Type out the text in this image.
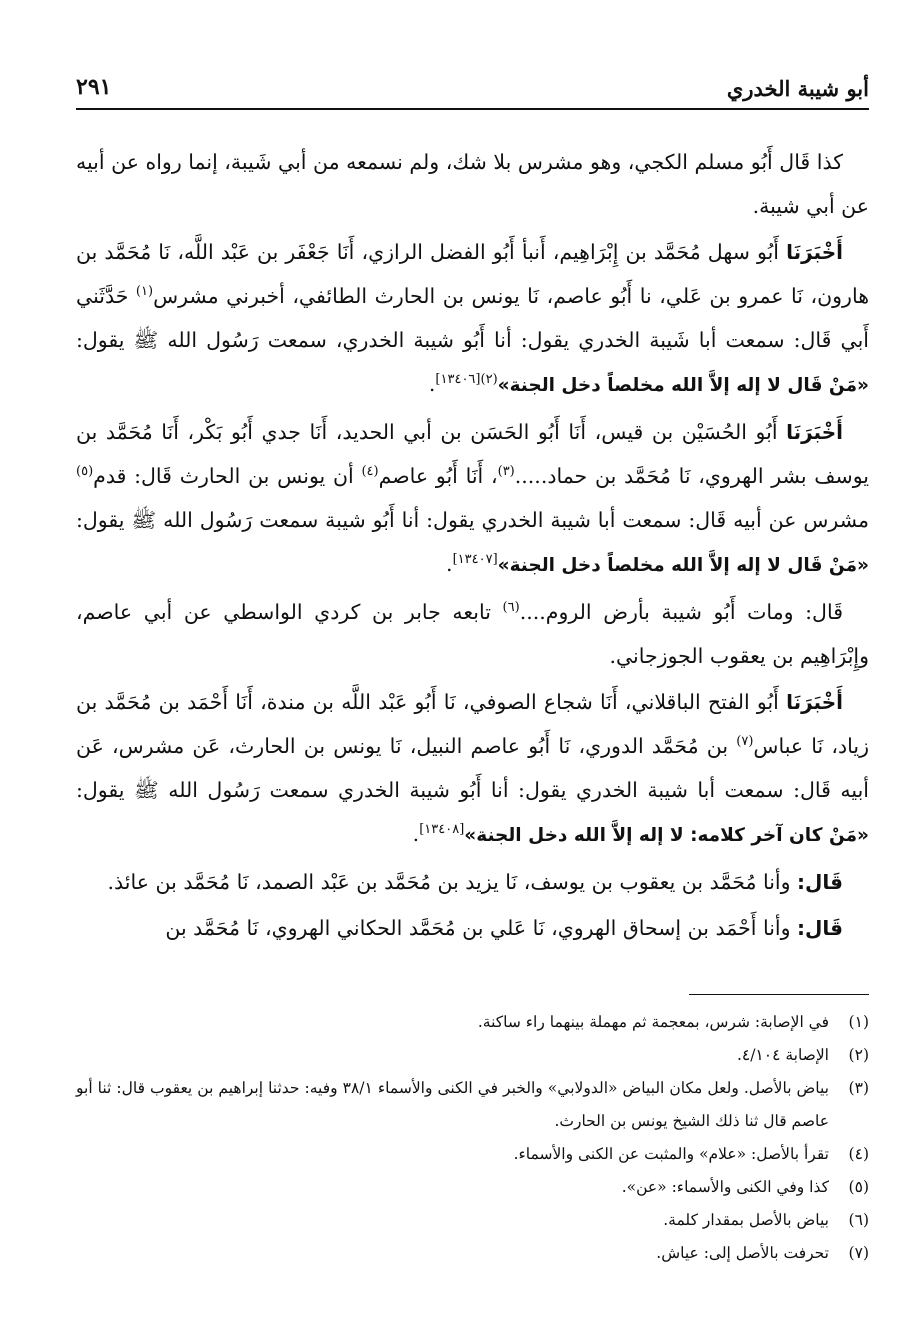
أبو شيبة الخدري
٢٩١

كذا قَال أَبُو مسلم الكجي، وهو مشرس بلا شك، ولم نسمعه من أبي شَيبة، إنما رواه عن أبيه عن أبي شيبة.

أَخْبَرَنَا أَبُو سهل مُحَمَّد بن إِبْرَاهِيم، أَنبأ أَبُو الفضل الرازي، أَنَا جَعْفَر بن عَبْد اللَّه، نَا مُحَمَّد بن هارون، نَا عمرو بن عَلي، نا أَبُو عاصم، نَا يونس بن الحارث الطائفي، أخبرني مشرس$^{(١)}$ حَدَّثَني أَبي قَال: سمعت أبا شَيبة الخدري يقول: أنا أَبُو شيبة الخدري، سمعت رَسُول الله ﷺ يقول: «مَنْ قَال لا إله إلاَّ الله مخلصاً دخل الجنة»$^{(٢)[١٣٤٠٦]}$.

أَخْبَرَنَا أَبُو الحُسَيْن بن قيس، أَنَا أَبُو الحَسَن بن أبي الحديد، أَنَا جدي أَبُو بَكْر، أَنَا مُحَمَّد بن يوسف بشر الهروي، نَا مُحَمَّد بن حماد.....$^{(٣)}$، أَنَا أَبُو عاصم$^{(٤)}$ أن يونس بن الحارث قَال: قدم$^{(٥)}$ مشرس عن أبيه قَال: سمعت أبا شيبة الخدري يقول: أنا أَبُو شيبة سمعت رَسُول الله ﷺ يقول: «مَنْ قَال لا إله إلاَّ الله مخلصاً دخل الجنة»[١٣٤٠٧].

قَال: ومات أَبُو شيبة بأرض الروم....$^{(٦)}$ تابعه جابر بن كردي الواسطي عن أبي عاصم، وإِبْرَاهِيم بن يعقوب الجوزجاني.

أَخْبَرَنَا أَبُو الفتح الباقلاني، أَنَا شجاع الصوفي، نَا أَبُو عَبْد اللَّه بن مندة، أَنَا أَحْمَد بن مُحَمَّد بن زياد، نَا عباس$^{(٧)}$ بن مُحَمَّد الدوري، نَا أَبُو عاصم النبيل، نَا يونس بن الحارث، عَن مشرس، عَن أبيه قَال: سمعت أبا شيبة الخدري يقول: أنا أَبُو شيبة الخدري سمعت رَسُول الله ﷺ يقول: «مَنْ كان آخر كلامه: لا إله إلاَّ الله دخل الجنة»[١٣٤٠٨].

قَال: وأنا مُحَمَّد بن يعقوب بن يوسف، نَا يزيد بن مُحَمَّد بن عَبْد الصمد، نَا مُحَمَّد بن عائذ.

قَال: وأنا أَحْمَد بن إسحاق الهروي، نَا عَلي بن مُحَمَّد الحكاني الهروي، نَا مُحَمَّد بن

(١)
في الإصابة: شرس، بمعجمة ثم مهملة بينهما راء ساكنة.
(٢)
الإصابة ٤/١٠٤.
(٣)
بياض بالأصل. ولعل مكان البياض «الدولابي» والخبر في الكنى والأسماء ٣٨/١ وفيه: حدثنا إبراهيم بن يعقوب قال: ثنا أبو عاصم قال ثنا ذلك الشيخ يونس بن الحارث.
(٤)
تقرأ بالأصل: «علام» والمثبت عن الكنى والأسماء.
(٥)
كذا وفي الكنى والأسماء: «عن».
(٦)
بياض بالأصل بمقدار كلمة.
(٧)
تحرفت بالأصل إلى: عياش.
